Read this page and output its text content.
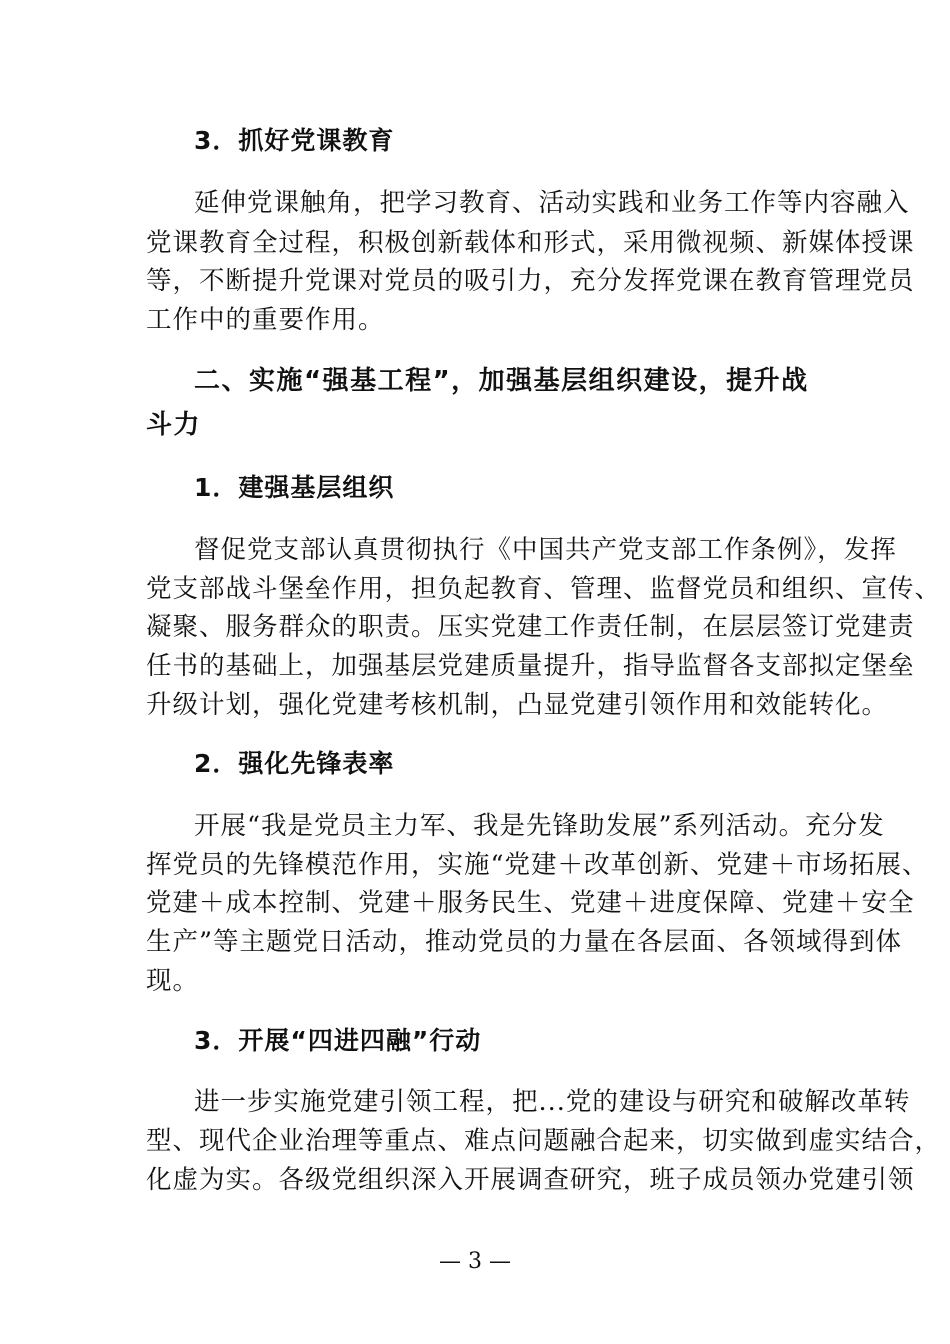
3．抓好党课教育
延伸党课触角，把学习教育、活动实践和业务工作等内容融入
党课教育全过程，积极创新载体和形式，采用微视频、新媒体授课
等，不断提升党课对党员的吸引力，充分发挥党课在教育管理党员
工作中的重要作用。
二、实施“强基工程”，加强基层组织建设，提升战
斗力
1．建强基层组织
督促党支部认真贯彻执行《中国共产党支部工作条例》，发挥
党支部战斗堡垒作用，担负起教育、管理、监督党员和组织、宣传、
凝聚、服务群众的职责。压实党建工作责任制，在层层签订党建责
任书的基础上，加强基层党建质量提升，指导监督各支部拟定堡垒
升级计划，强化党建考核机制，凸显党建引领作用和效能转化。
2．强化先锋表率
开展“我是党员主力军、我是先锋助发展”系列活动。充分发
挥党员的先锋模范作用，实施“党建＋改革创新、党建＋市场拓展、
党建＋成本控制、党建＋服务民生、党建＋进度保障、党建＋安全
生产”等主题党日活动，推动党员的力量在各层面、各领域得到体
现。
3．开展“四进四融”行动
进一步实施党建引领工程，把...党的建设与研究和破解改革转
型、现代企业治理等重点、难点问题融合起来，切实做到虚实结合，
化虚为实。各级党组织深入开展调查研究，班子成员领办党建引领
— 3 —
